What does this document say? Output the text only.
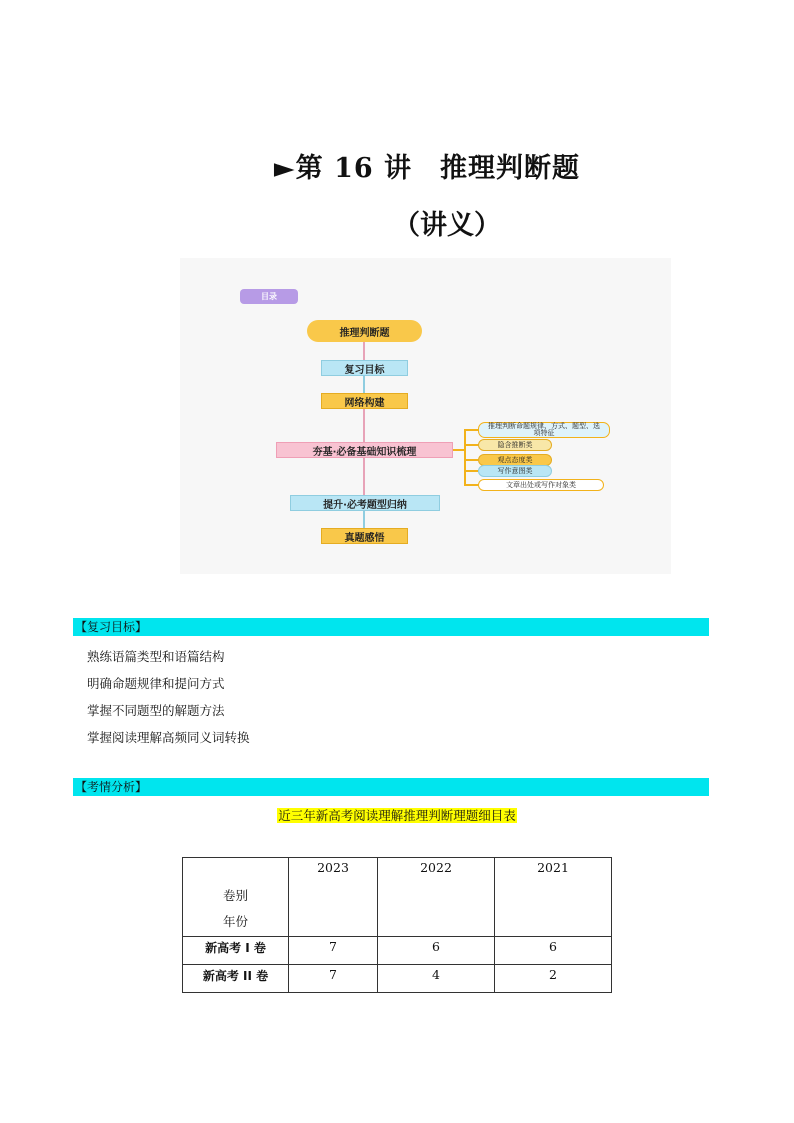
►第 16 讲　推理判断题
（讲义）
目录
推理判断题
复习目标
网络构建
夯基·必备基础知识梳理
提升·必考题型归纳
真题感悟
推理判断命题规律、方式、题型、选项特征
隐含推断类
观点态度类
写作意图类
文章出处或写作对象类
【复习目标】
熟练语篇类型和语篇结构
明确命题规律和提问方式
掌握不同题型的解题方法
掌握阅读理解高频同义词转换
【考情分析】
近三年新高考阅读理解推理判断理题细目表
卷别
年份	2023	2022	2021
新高考 I 卷	7	6	6
新高考 II 卷	7	4	2
